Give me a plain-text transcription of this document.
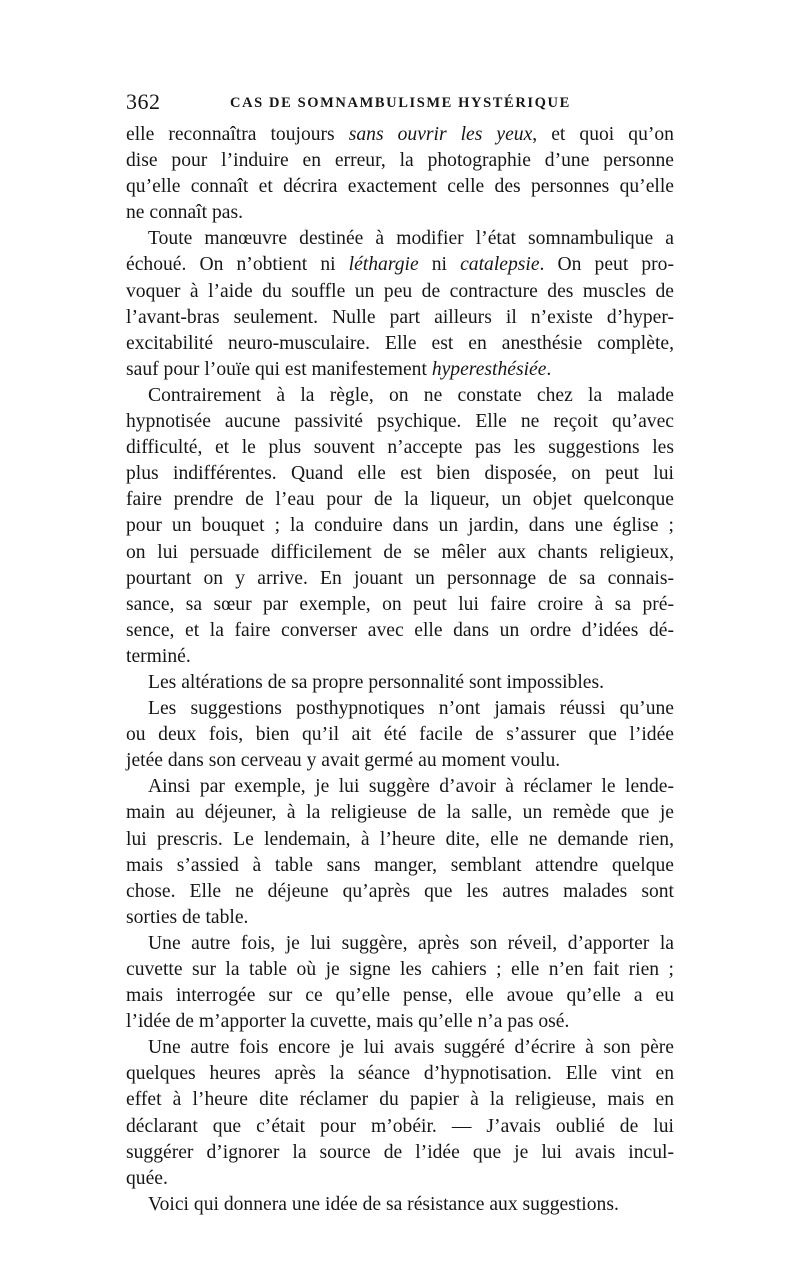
362	CAS DE SOMNAMBULISME HYSTÉRIQUE
elle reconnaîtra toujours sans ouvrir les yeux, et quoi qu’on
dise pour l’induire en erreur, la photographie d’une personne
qu’elle connaît et décrira exactement celle des personnes qu’elle
ne connaît pas.
Toute manœuvre destinée à modifier l’état somnambulique a
échoué. On n’obtient ni léthargie ni catalepsie. On peut pro-
voquer à l’aide du souffle un peu de contracture des muscles de
l’avant-bras seulement. Nulle part ailleurs il n’existe d’hyper-
excitabilité neuro-musculaire. Elle est en anesthésie complète,
sauf pour l’ouïe qui est manifestement hyperesthésiée.
Contrairement à la règle, on ne constate chez la malade
hypnotisée aucune passivité psychique. Elle ne reçoit qu’avec
difficulté, et le plus souvent n’accepte pas les suggestions les
plus indifférentes. Quand elle est bien disposée, on peut lui
faire prendre de l’eau pour de la liqueur, un objet quelconque
pour un bouquet ; la conduire dans un jardin, dans une église ;
on lui persuade difficilement de se mêler aux chants religieux,
pourtant on y arrive. En jouant un personnage de sa connais-
sance, sa sœur par exemple, on peut lui faire croire à sa pré-
sence, et la faire converser avec elle dans un ordre d’idées dé-
terminé.
Les altérations de sa propre personnalité sont impossibles.
Les suggestions posthypnotiques n’ont jamais réussi qu’une
ou deux fois, bien qu’il ait été facile de s’assurer que l’idée
jetée dans son cerveau y avait germé au moment voulu.
Ainsi par exemple, je lui suggère d’avoir à réclamer le lende-
main au déjeuner, à la religieuse de la salle, un remède que je
lui prescris. Le lendemain, à l’heure dite, elle ne demande rien,
mais s’assied à table sans manger, semblant attendre quelque
chose. Elle ne déjeune qu’après que les autres malades sont
sorties de table.
Une autre fois, je lui suggère, après son réveil, d’apporter la
cuvette sur la table où je signe les cahiers ; elle n’en fait rien ;
mais interrogée sur ce qu’elle pense, elle avoue qu’elle a eu
l’idée de m’apporter la cuvette, mais qu’elle n’a pas osé.
Une autre fois encore je lui avais suggéré d’écrire à son père
quelques heures après la séance d’hypnotisation. Elle vint en
effet à l’heure dite réclamer du papier à la religieuse, mais en
déclarant que c’était pour m’obéir. — J’avais oublié de lui
suggérer d’ignorer la source de l’idée que je lui avais incul-
quée.
Voici qui donnera une idée de sa résistance aux suggestions.
